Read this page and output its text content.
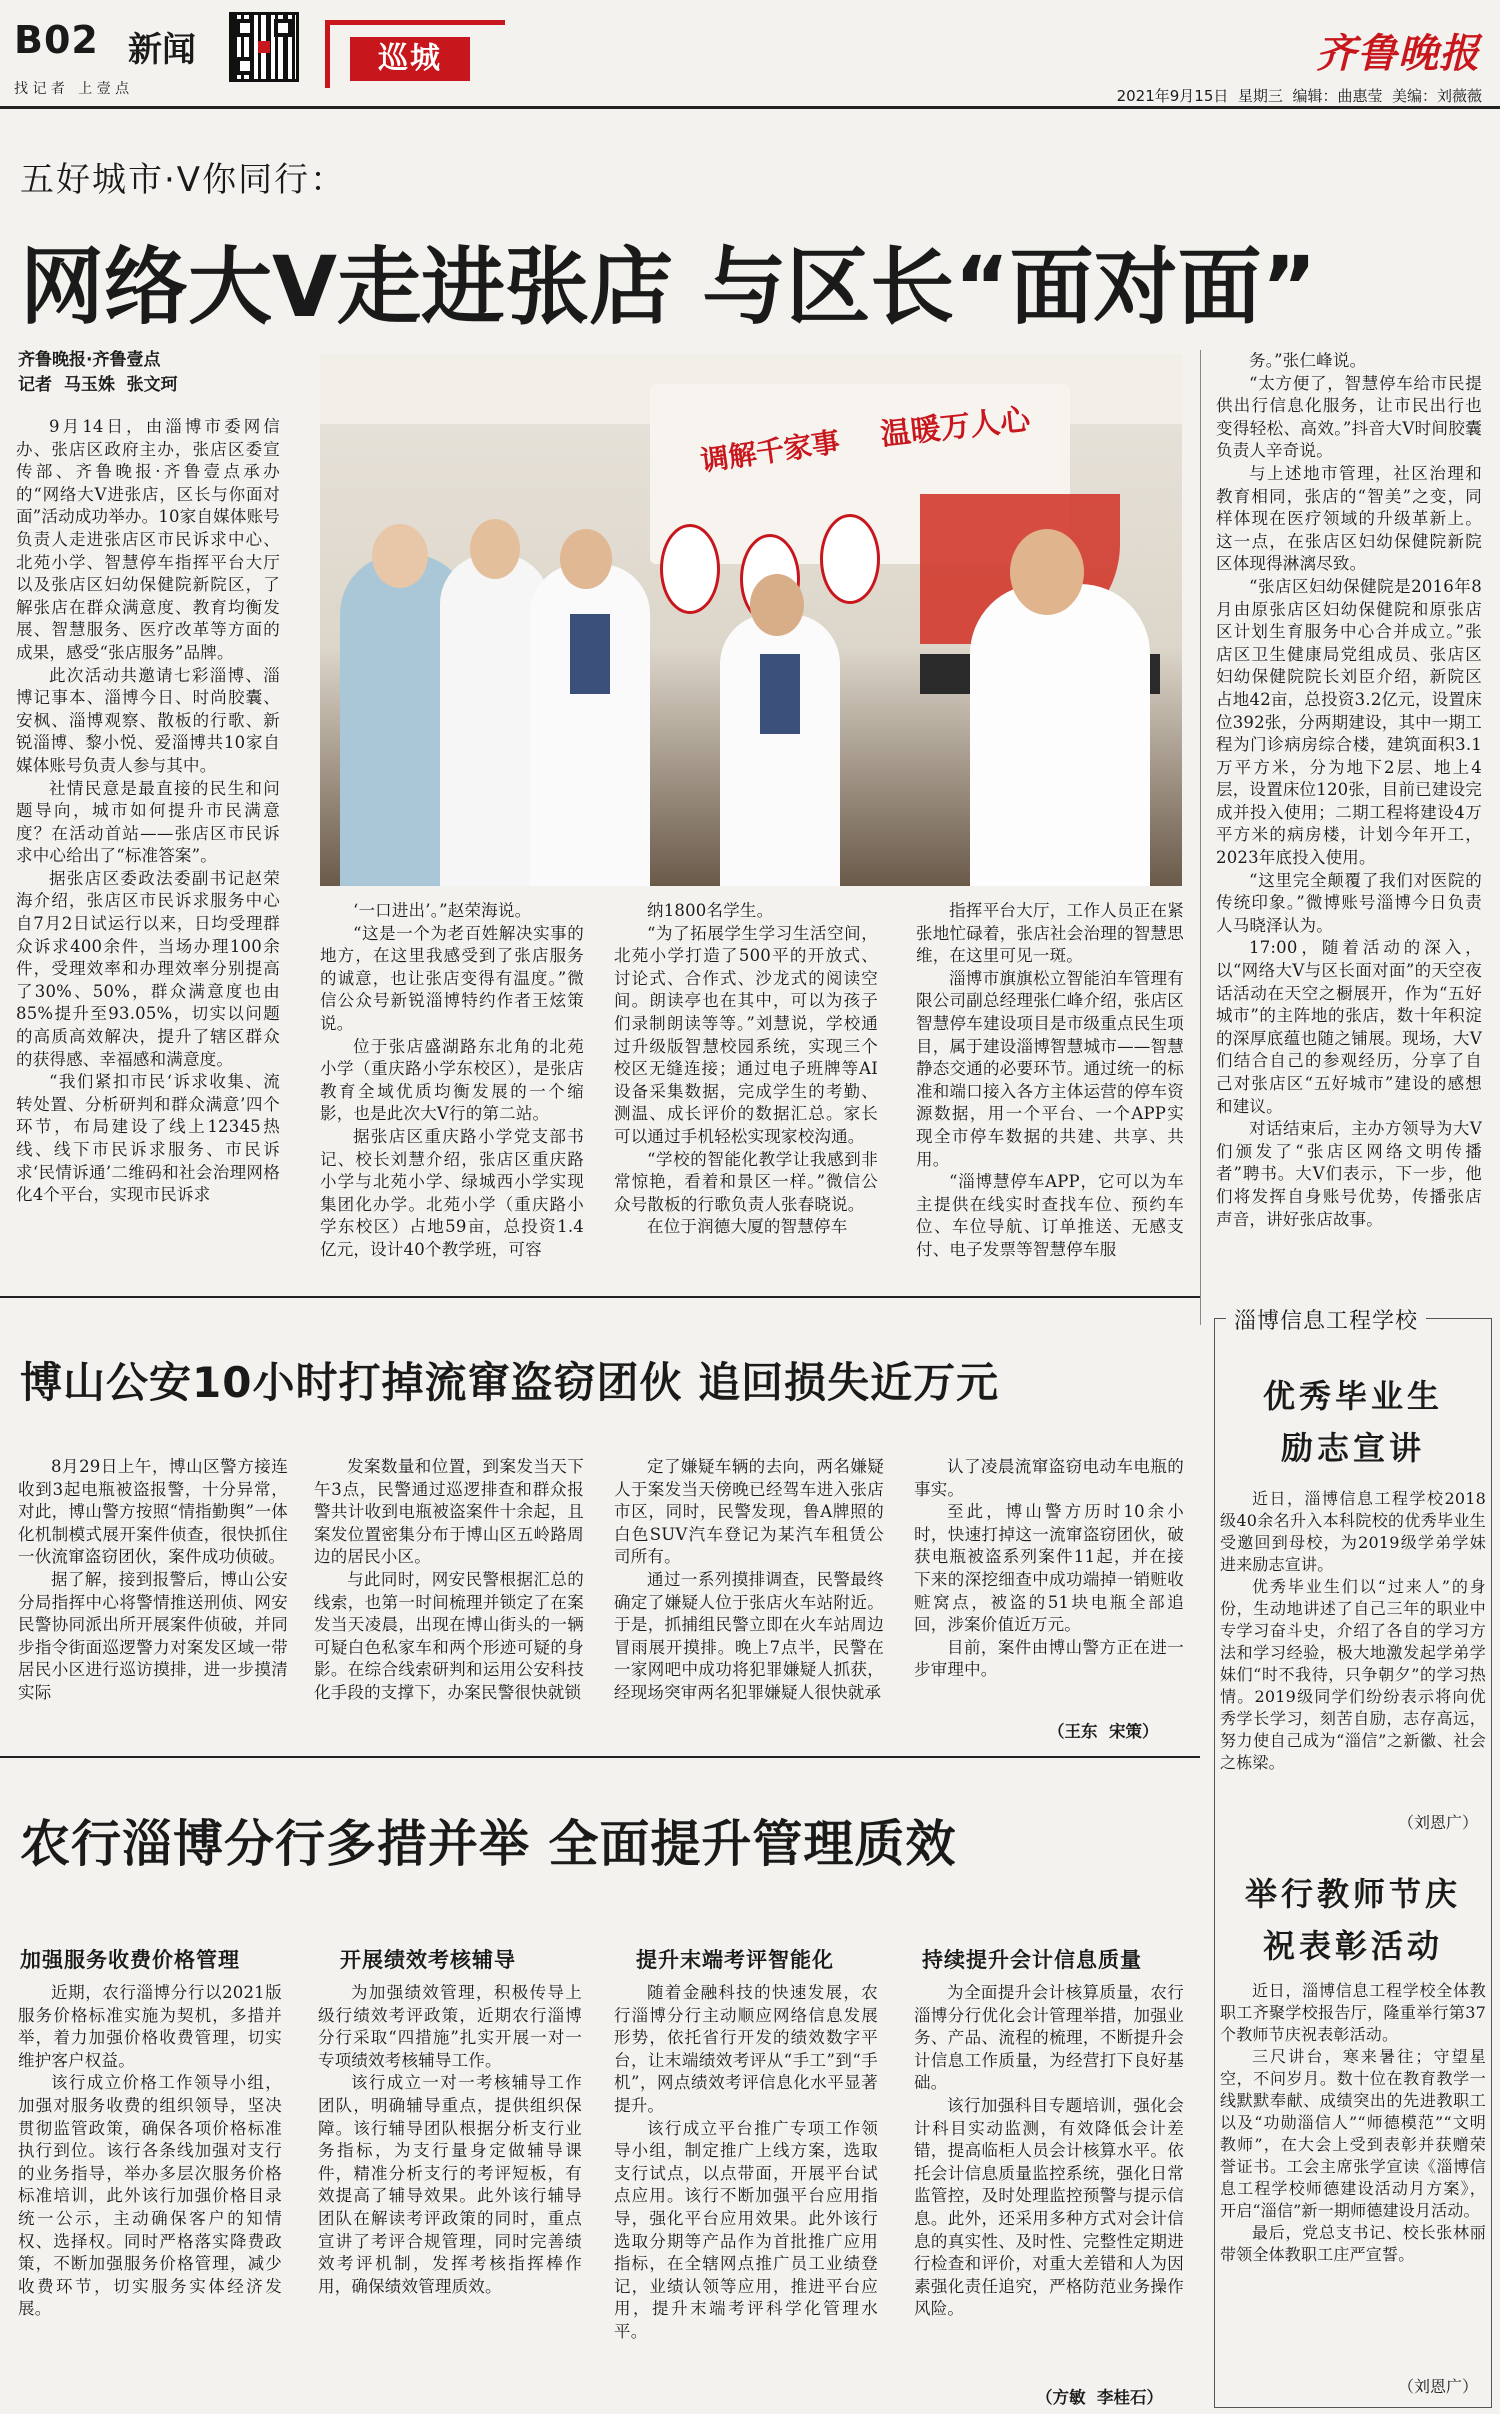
B02 新闻
找 记 者   上 壹 点
巡城	齐鲁晚报
2021年9月15日  星期三  编辑：曲惠莹  美编：刘薇薇
五好城市·V你同行：
网络大V走进张店 与区长“面对面”
齐鲁晚报·齐鲁壹点
记者  马玉姝  张文珂

9月14日，由淄博市委网信办、张店区政府主办，张店区委宣传部、齐鲁晚报·齐鲁壹点承办的“网络大V进张店，区长与你面对面”活动成功举办。10家自媒体账号负责人走进张店区市民诉求中心、北苑小学、智慧停车指挥平台大厅以及张店区妇幼保健院新院区，了解张店在群众满意度、教育均衡发展、智慧服务、医疗改革等方面的成果，感受“张店服务”品牌。

此次活动共邀请七彩淄博、淄博记事本、淄博今日、时尚胶囊、安枫、淄博观察、散板的行歌、新锐淄博、黎小悦、爱淄博共10家自媒体账号负责人参与其中。

社情民意是最直接的民生和问题导向，城市如何提升市民满意度？在活动首站——张店区市民诉求中心给出了“标准答案”。

据张店区委政法委副书记赵荣海介绍，张店区市民诉求服务中心自7月2日试运行以来，日均受理群众诉求400余件，当场办理100余件，受理效率和办理效率分别提高了30%、50%，群众满意度也由85%提升至93.05%，切实以问题的高质高效解决，提升了辖区群众的获得感、幸福感和满意度。

“我们紧扣市民‘诉求收集、流转处置、分析研判和群众满意’四个环节，布局建设了线上12345热线、线下市民诉求服务、市民诉求‘民情诉通’二维码和社会治理网格化4个平台，实现市民诉求

调解千家事 温暖万人心

‘一口进出’。”赵荣海说。

“这是一个为老百姓解决实事的地方，在这里我感受到了张店服务的诚意，也让张店变得有温度。”微信公众号新锐淄博特约作者王炫策说。

位于张店盛湖路东北角的北苑小学（重庆路小学东校区），是张店教育全域优质均衡发展的一个缩影，也是此次大V行的第二站。

据张店区重庆路小学党支部书记、校长刘慧介绍，张店区重庆路小学与北苑小学、绿城西小学实现集团化办学。北苑小学（重庆路小学东校区）占地59亩，总投资1.4亿元，设计40个教学班，可容

纳1800名学生。

“为了拓展学生学习生活空间，北苑小学打造了500平的开放式、讨论式、合作式、沙龙式的阅读空间。朗读亭也在其中，可以为孩子们录制朗读等等。”刘慧说，学校通过升级版智慧校园系统，实现三个校区无缝连接；通过电子班牌等AI设备采集数据，完成学生的考勤、测温、成长评价的数据汇总。家长可以通过手机轻松实现家校沟通。

“学校的智能化教学让我感到非常惊艳，看着和景区一样。”微信公众号散板的行歌负责人张春晓说。

在位于润德大厦的智慧停车

指挥平台大厅，工作人员正在紧张地忙碌着，张店社会治理的智慧思维，在这里可见一斑。

淄博市旗旗松立智能泊车管理有限公司副总经理张仁峰介绍，张店区智慧停车建设项目是市级重点民生项目，属于建设淄博智慧城市——智慧静态交通的必要环节。通过统一的标准和端口接入各方主体运营的停车资源数据，用一个平台、一个APP实现全市停车数据的共建、共享、共用。

“淄博慧停车APP，它可以为车主提供在线实时查找车位、预约车位、车位导航、订单推送、无感支付、电子发票等智慧停车服

务。”张仁峰说。

“太方便了，智慧停车给市民提供出行信息化服务，让市民出行也变得轻松、高效。”抖音大V时间胶囊负责人辛奇说。

与上述地市管理，社区治理和教育相同，张店的“智美”之变，同样体现在医疗领域的升级革新上。这一点，在张店区妇幼保健院新院区体现得淋漓尽致。

“张店区妇幼保健院是2016年8月由原张店区妇幼保健院和原张店区计划生育服务中心合并成立。”张店区卫生健康局党组成员、张店区妇幼保健院院长刘臣介绍，新院区占地42亩，总投资3.2亿元，设置床位392张，分两期建设，其中一期工程为门诊病房综合楼，建筑面积3.1万平方米，分为地下2层、地上4层，设置床位120张，目前已建设完成并投入使用；二期工程将建设4万平方米的病房楼，计划今年开工，2023年底投入使用。

“这里完全颠覆了我们对医院的传统印象。”微博账号淄博今日负责人马晓泽认为。

17:00，随着活动的深入，以“网络大V与区长面对面”的天空夜话活动在天空之橱展开，作为“五好城市”的主阵地的张店，数十年积淀的深厚底蕴也随之铺展。现场，大V们结合自己的参观经历，分享了自己对张店区“五好城市”建设的感想和建议。

对话结束后，主办方领导为大V们颁发了“张店区网络文明传播者”聘书。大V们表示，下一步，他们将发挥自身账号优势，传播张店声音，讲好张店故事。

博山公安10小时打掉流窜盗窃团伙 追回损失近万元

8月29日上午，博山区警方接连收到3起电瓶被盗报警，十分异常，对此，博山警方按照“情指勤舆”一体化机制模式展开案件侦查，很快抓住一伙流窜盗窃团伙，案件成功侦破。

据了解，接到报警后，博山公安分局指挥中心将警情推送刑侦、网安民警协同派出所开展案件侦破，并同步指令街面巡逻警力对案发区域一带居民小区进行巡访摸排，进一步摸清实际

发案数量和位置，到案发当天下午3点，民警通过巡逻排查和群众报警共计收到电瓶被盗案件十余起，且案发位置密集分布于博山区五岭路周边的居民小区。

与此同时，网安民警根据汇总的线索，也第一时间梳理并锁定了在案发当天凌晨，出现在博山街头的一辆可疑白色私家车和两个形迹可疑的身影。在综合线索研判和运用公安科技化手段的支撑下，办案民警很快就锁

定了嫌疑车辆的去向，两名嫌疑人于案发当天傍晚已经驾车进入张店市区，同时，民警发现，鲁A牌照的白色SUV汽车登记为某汽车租赁公司所有。

通过一系列摸排调查，民警最终确定了嫌疑人位于张店火车站附近。于是，抓捕组民警立即在火车站周边冒雨展开摸排。晚上7点半，民警在一家网吧中成功将犯罪嫌疑人抓获，经现场突审两名犯罪嫌疑人很快就承

认了凌晨流窜盗窃电动车电瓶的事实。

至此，博山警方历时10余小时，快速打掉这一流窜盗窃团伙，破获电瓶被盗系列案件11起，并在接下来的深挖细查中成功端掉一销赃收赃窝点，被盗的51块电瓶全部追回，涉案价值近万元。

目前，案件由博山警方正在进一步审理中。

（王东  宋策）
淄博信息工程学校
优秀毕业生励志宣讲

近日，淄博信息工程学校2018级40余名升入本科院校的优秀毕业生受邀回到母校，为2019级学弟学妹进来励志宣讲。

优秀毕业生们以“过来人”的身份，生动地讲述了自己三年的职业中专学习奋斗史，介绍了各自的学习方法和学习经验，极大地激发起学弟学妹们“时不我待，只争朝夕”的学习热情。2019级同学们纷纷表示将向优秀学长学习，刻苦自励，志存高远，努力使自己成为“淄信”之新徽、社会之栋梁。

（刘恩广）
举行教师节庆祝表彰活动

近日，淄博信息工程学校全体教职工齐聚学校报告厅，隆重举行第37个教师节庆祝表彰活动。

三尺讲台，寒来暑往；守望星空，不问岁月。数十位在教育教学一线默默奉献、成绩突出的先进教职工以及“功勋淄信人”“师德模范”“文明教师”，在大会上受到表彰并获赠荣誉证书。工会主席张学宣读《淄博信息工程学校师德建设活动月方案》，开启“淄信”新一期师德建设月活动。

最后，党总支书记、校长张林丽带领全体教职工庄严宣誓。

（刘恩广）
农行淄博分行多措并举 全面提升管理质效
加强服务收费价格管理

近期，农行淄博分行以2021版服务价格标准实施为契机，多措并举，着力加强价格收费管理，切实维护客户权益。

该行成立价格工作领导小组，加强对服务收费的组织领导，坚决贯彻监管政策，确保各项价格标准执行到位。该行各条线加强对支行的业务指导，举办多层次服务价格标准培训，此外该行加强价格目录统一公示，主动确保客户的知情权、选择权。同时严格落实降费政策，不断加强服务价格管理，减少收费环节，切实服务实体经济发展。

开展绩效考核辅导

为加强绩效管理，积极传导上级行绩效考评政策，近期农行淄博分行采取“四措施”扎实开展一对一专项绩效考核辅导工作。

该行成立一对一考核辅导工作团队，明确辅导重点，提供组织保障。该行辅导团队根据分析支行业务指标，为支行量身定做辅导课件，精准分析支行的考评短板，有效提高了辅导效果。此外该行辅导团队在解读考评政策的同时，重点宣讲了考评合规管理，同时完善绩效考评机制，发挥考核指挥棒作用，确保绩效管理质效。

提升末端考评智能化

随着金融科技的快速发展，农行淄博分行主动顺应网络信息发展形势，依托省行开发的绩效数字平台，让末端绩效考评从“手工”到“手机”，网点绩效考评信息化水平显著提升。

该行成立平台推广专项工作领导小组，制定推广上线方案，选取支行试点，以点带面，开展平台试点应用。该行不断加强平台应用指导，强化平台应用效果。此外该行选取分期等产品作为首批推广应用指标，在全辖网点推广员工业绩登记，业绩认领等应用，推进平台应用，提升末端考评科学化管理水平。

持续提升会计信息质量

为全面提升会计核算质量，农行淄博分行优化会计管理举措，加强业务、产品、流程的梳理，不断提升会计信息工作质量，为经营打下良好基础。

该行加强科目专题培训，强化会计科目实动监测，有效降低会计差错，提高临柜人员会计核算水平。依托会计信息质量监控系统，强化日常监管控，及时处理监控预警与提示信息。此外，还采用多种方式对会计信息的真实性、及时性、完整性定期进行检查和评价，对重大差错和人为因素强化责任追究，严格防范业务操作风险。

（方敏  李桂石）
